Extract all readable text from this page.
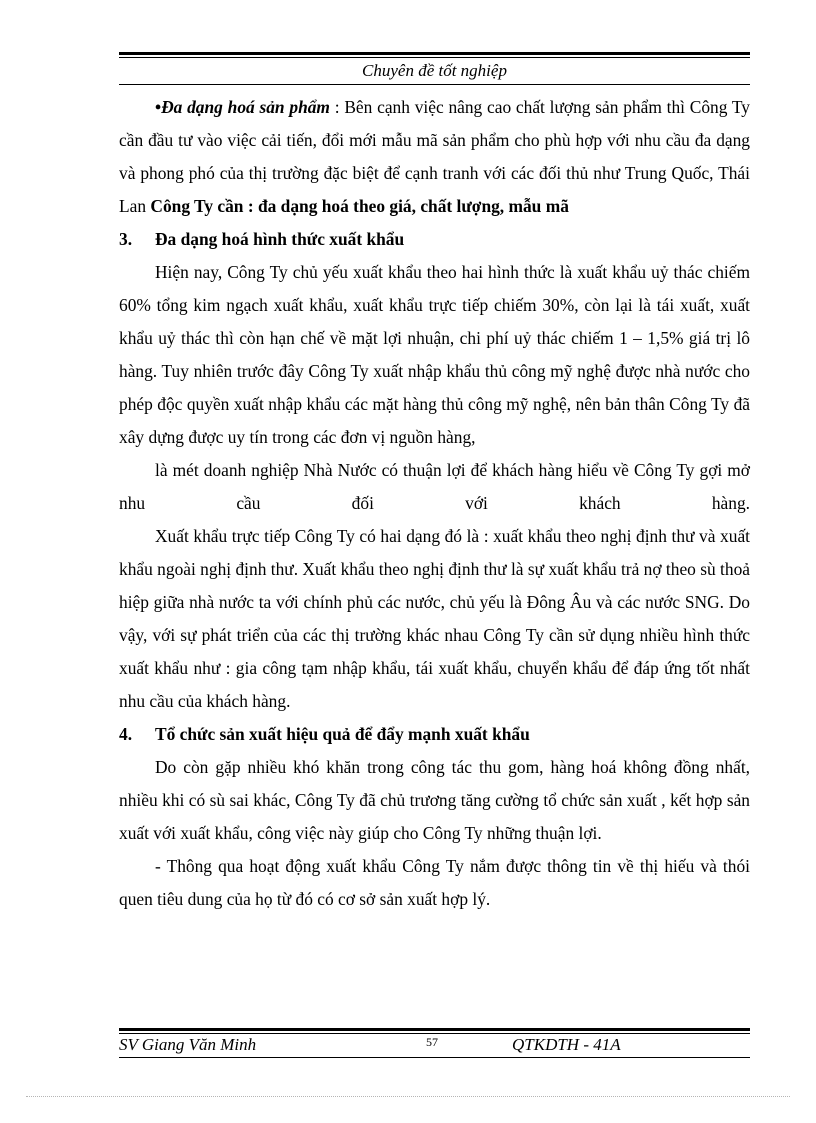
Chuyên đề tốt nghiệp

•Đa dạng hoá sản phẩm : Bên cạnh việc nâng cao chất lượng sản phẩm thì Công Ty cần đầu tư vào việc cải tiến, đổi mới mẫu mã sản phẩm cho phù hợp với nhu cầu đa dạng và phong phó của thị trường đặc biệt để cạnh tranh với các đối thủ như Trung Quốc, Thái Lan Công Ty cần : đa dạng hoá theo giá, chất lượng, mẫu mã

3. Đa dạng hoá hình thức xuất khẩu

Hiện nay, Công Ty chủ yếu xuất khẩu theo hai hình thức là xuất khẩu uỷ thác chiếm 60% tổng kim ngạch xuất khẩu, xuất khẩu trực tiếp chiếm 30%, còn lại là tái xuất, xuất khẩu uỷ thác thì còn hạn chế về mặt lợi nhuận, chi phí uỷ thác chiếm 1 – 1,5% giá trị lô hàng. Tuy nhiên trước đây Công Ty xuất nhập khẩu thủ công mỹ nghệ được nhà nước cho phép độc quyền xuất nhập khẩu các mặt hàng thủ công mỹ nghệ, nên bản thân Công Ty đã xây dựng được uy tín trong các đơn vị nguồn hàng,

là mét doanh nghiệp Nhà Nước có thuận lợi để khách hàng hiểu về Công Ty gợi mở nhu cầu đối với khách hàng.

Xuất khẩu trực tiếp Công Ty có hai dạng đó là : xuất khẩu theo nghị định thư và xuất khẩu ngoài nghị định thư. Xuất khẩu theo nghị định thư là sự xuất khẩu trả nợ theo sù thoả hiệp giữa nhà nước ta với chính phủ các nước, chủ yếu là Đông Âu và các nước SNG. Do vậy, với sự phát triển của các thị trường khác nhau Công Ty cần sử dụng nhiều hình thức xuất khẩu như : gia công tạm nhập khẩu, tái xuất khẩu, chuyển khẩu để đáp ứng tốt nhất nhu cầu của khách hàng.

4. Tổ chức sản xuất hiệu quả để đẩy mạnh xuất khẩu

Do còn gặp nhiều khó khăn trong công tác thu gom, hàng hoá không đồng nhất, nhiều khi có sù sai khác, Công Ty đã chủ trương tăng cường tổ chức sản xuất , kết hợp sản xuất với xuất khẩu, công việc này giúp cho Công Ty những thuận lợi.

- Thông qua hoạt động xuất khẩu Công Ty nắm được thông tin về thị hiếu và thói quen tiêu dung của họ từ đó có cơ sở sản xuất hợp lý.

SV Giang Văn Minh	57	QTKDTH - 41A
